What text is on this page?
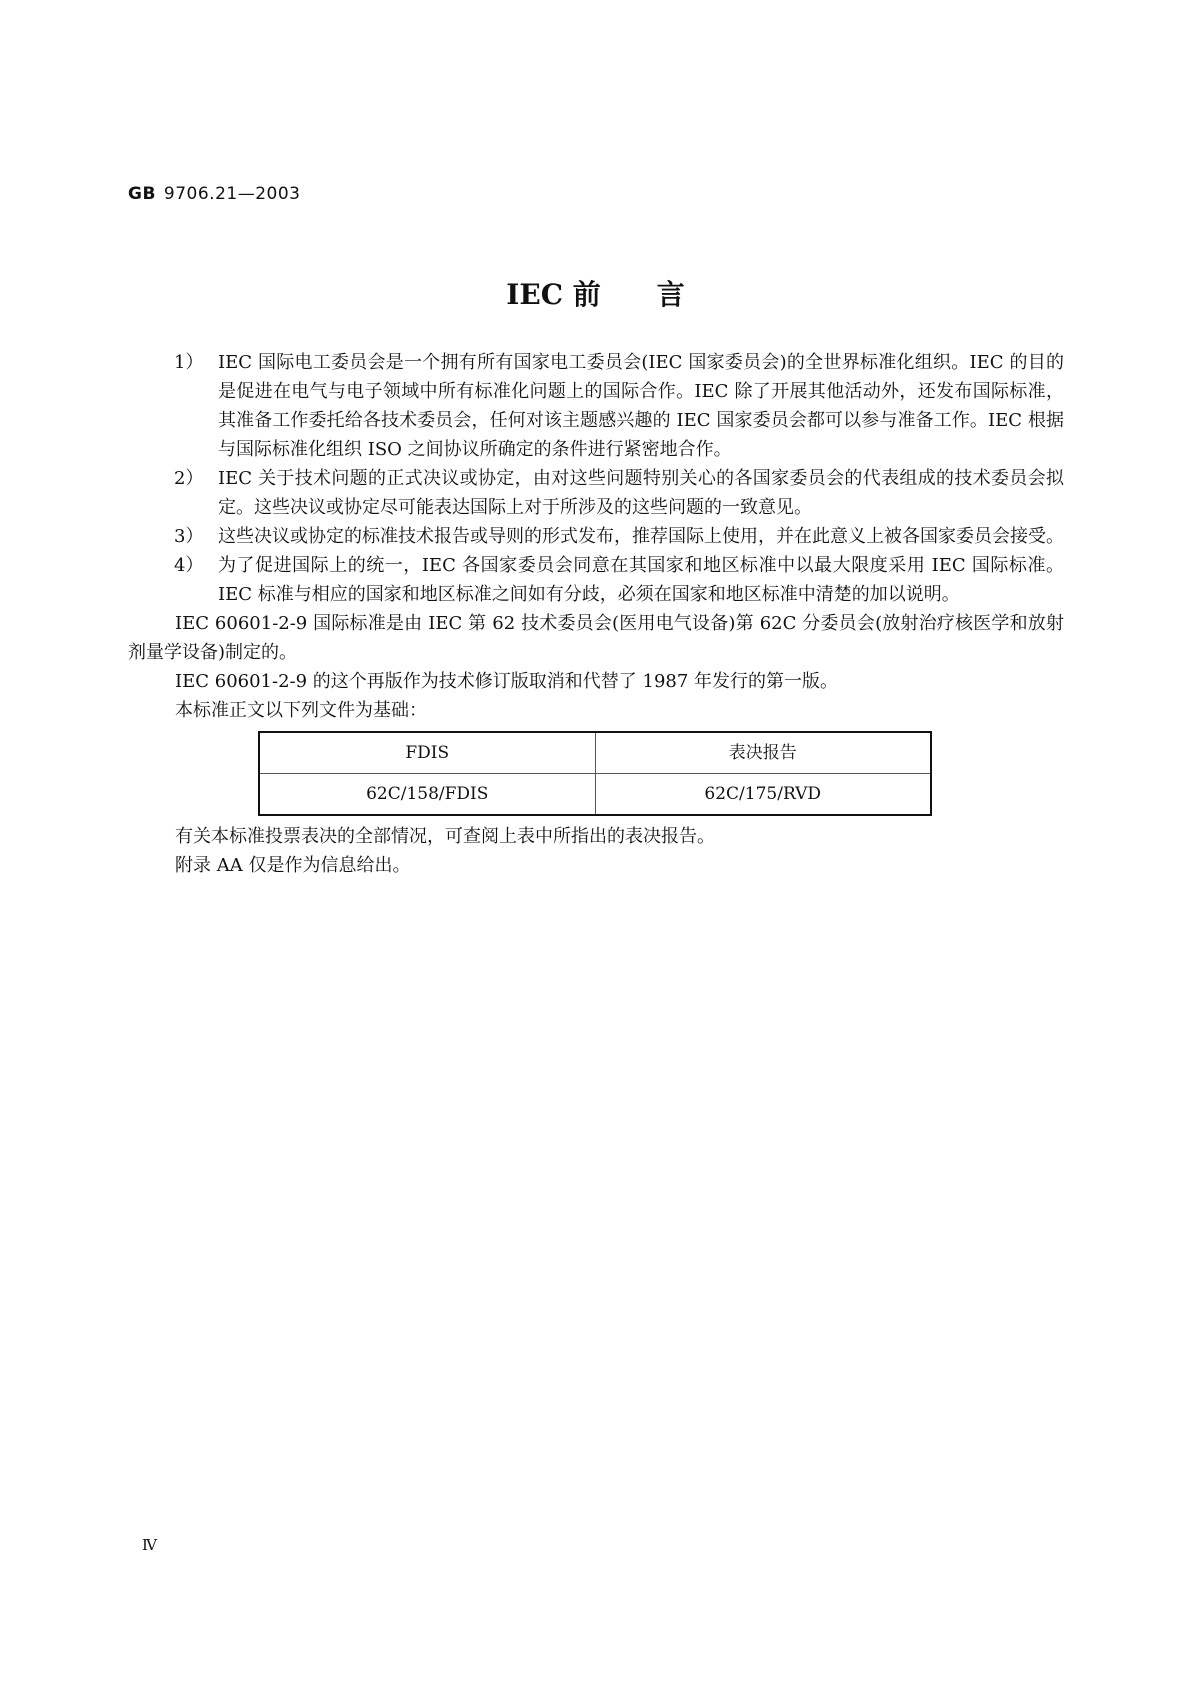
GB 9706.21—2003
IEC 前 言
1） IEC 国际电工委员会是一个拥有所有国家电工委员会(IEC 国家委员会)的全世界标准化组织。IEC 的目的是促进在电气与电子领域中所有标准化问题上的国际合作。IEC 除了开展其他活动外，还发布国际标准，其准备工作委托给各技术委员会，任何对该主题感兴趣的 IEC 国家委员会都可以参与准备工作。IEC 根据与国际标准化组织 ISO 之间协议所确定的条件进行紧密地合作。
2） IEC 关于技术问题的正式决议或协定，由对这些问题特别关心的各国家委员会的代表组成的技术委员会拟定。这些决议或协定尽可能表达国际上对于所涉及的这些问题的一致意见。
3） 这些决议或协定的标准技术报告或导则的形式发布，推荐国际上使用，并在此意义上被各国家委员会接受。
4） 为了促进国际上的统一，IEC 各国家委员会同意在其国家和地区标准中以最大限度采用 IEC 国际标准。IEC 标准与相应的国家和地区标准之间如有分歧，必须在国家和地区标准中清楚的加以说明。
IEC 60601-2-9 国际标准是由 IEC 第 62 技术委员会(医用电气设备)第 62C 分委员会(放射治疗核医学和放射剂量学设备)制定的。
IEC 60601-2-9 的这个再版作为技术修订版取消和代替了 1987 年发行的第一版。
本标准正文以下列文件为基础：
FDIS	表决报告
62C/158/FDIS	62C/175/RVD
有关本标准投票表决的全部情况，可查阅上表中所指出的表决报告。
附录 AA 仅是作为信息给出。
Ⅳ
